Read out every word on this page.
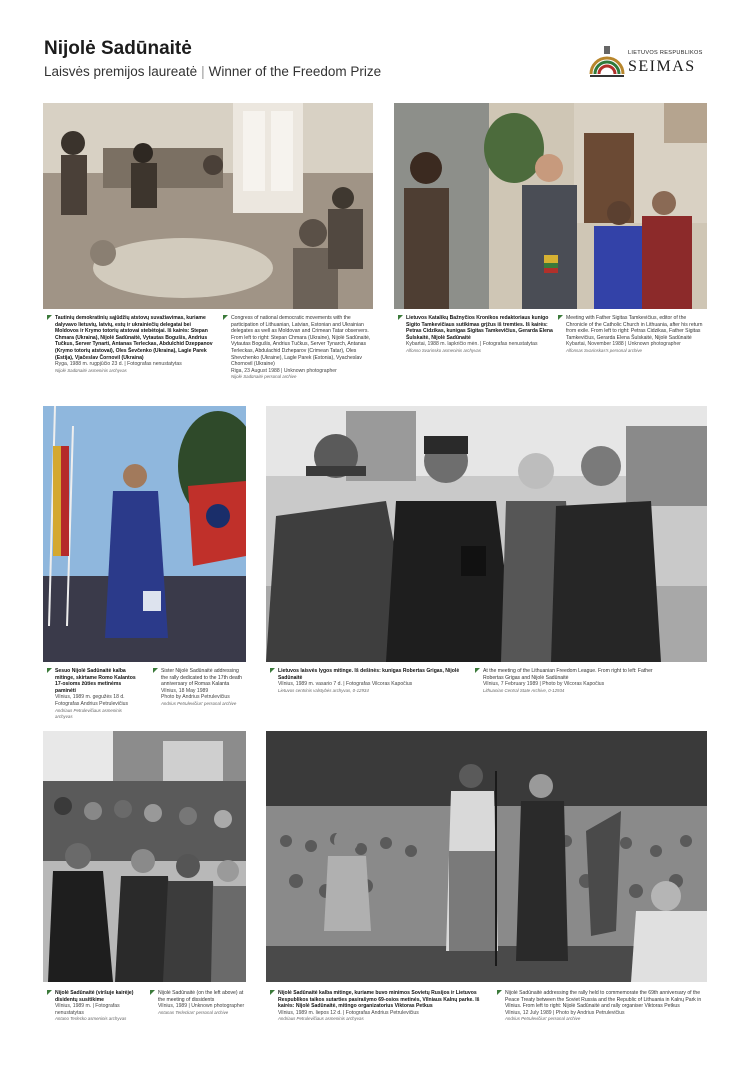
Nijolė Sadūnaitė
Laisvės premijos laureatė | Winner of the Freedom Prize
LIETUVOS RESPUBLIKOS
SEIMAS
Tautinių demokratinių sąjūdžių atstovų suvažiavimas, kuriame dalyvavo lietuvių, latvių, estų ir ukrainiečių delegatai bei Moldovos ir Krymo totorių atstovai stebėtojai. Iš kairės: Stepan Chmara (Ukraina), Nijolė Sadūnaitė, Vytautas Bogušis, Andrius Tučkus, Server Tynarti, Antanas Terleckas, Abdulchid Dzeppanov (Krymo totorių atstovai), Oles Ševčenko (Ukraina), Lagle Parek (Estija), Vjačeslav Čornovil (Ukraina)
Ryga, 1988 m. rugpjūčio 23 d. | Fotografas nenustatytas
Nijolė Sadūnaitė asmeninis archyvas
Congress of national democratic movements with the participation of Lithuanian, Latvian, Estonian and Ukrainian delegates as well as Moldovan and Crimean Tatar observers. From left to right: Stepan Chmara (Ukraine), Nijolė Sadūnaitė, Vytautas Bogušis, Andrius Tučkus, Server Tynarch, Antanas Terleckas, Abdulachid Dzheparov (Crimean Tatar), Oles Shevchenko (Ukraine), Lagle Parek (Estonia), Vyacheslav Chornovil (Ukraine)
Riga, 23 August 1988 | Unknown photographer
Nijolė Sadūnaitė personal archive
Lietuvos Katalikų Bažnyčios Kronikos redaktoriaus kunigo Sigito Tamkevičiaus sutikimas grįžus iš tremties. Iš kairės: Petras Cidzikas, kunigas Sigitas Tamkevičius, Gerarda Elena Šulskaitė, Nijolė Sadūnaitė
Kybartai, 1988 m. lapkričio mėn. | Fotografas nenustatytas
Alfonso Svarinsko asmeninis archyvas
Meeting with Father Sigitas Tamkevičius, editor of the Chronicle of the Catholic Church in Lithuania, after his return from exile. From left to right: Petras Cidzikas, Father Sigitas Tamkevičius, Gerarda Elena Šulskaitė, Nijolė Sadūnaitė
Kybartai, November 1988 | Unknown photographer
Alfonsas Svarinskas's personal archive
Sesuo Nijolė Sadūnaitė kalba mitinge, skirtame Romo Kalantos 17-osioms žūties metinėms paminėti
Vilnius, 1989 m. gegužės 18 d.
Fotografas Andrius Petrulevičius
Andriaus Petrulevičiaus asmeninis archyvas
Sister Nijolė Sadūnaitė addressing the rally dedicated to the 17th death anniversary of Romas Kalanta
Vilnius, 18 May 1989
Photo by Andrius Petrulevičius
Andrius Petrulevičius' personal archive
Lietuvos laisvės lygos mitinge. Iš dešinės: kunigas Robertas Grigas, Nijolė Sadūnaitė
Vilnius, 1989 m. vasario 7 d. | Fotografas Vilcoras Kapočius
Lietuvos centrinis valstybės archyvas, 0-12934
At the meeting of the Lithuanian Freedom League. From right to left: Father Robertas Grigas and Nijolė Sadūnaitė
Vilnius, 7 February 1989 | Photo by Vilcoras Kapočius
Lithuanian Central State Archive, 0-12934
Nijolė Sadūnaitė (viršuje kairėje) disidentų susitikime
Vilnius, 1989 m. | Fotografas nenustatytas
Antano Terlecko asmeninis archyvas
Nijolė Sadūnaitė (on the left above) at the meeting of dissidents
Vilnius, 1989 | Unknown photographer
Antanas Terleckas' personal archive
Nijolė Sadūnaitė kalba mitinge, kuriame buvo minimos Sovietų Rusijos ir Lietuvos Respublikos taikos sutarties pasirašymo 69-osios metinės, Vilniaus Kalnų parke. Iš kairės: Nijolė Sadūnaitė, mitingo organizatorius Viktoras Petkus
Vilnius, 1989 m. liepos 12 d. | Fotografas Andrius Petrulevičius
Andriaus Petrulevičiaus asmeninis archyvas
Nijolė Sadūnaitė addressing the rally held to commemorate the 69th anniversary of the Peace Treaty between the Soviet Russia and the Republic of Lithuania in Kalnų Park in Vilnius. From left to right: Nijolė Sadūnaitė and rally organiser Viktoras Petkus
Vilnius, 12 July 1989 | Photo by Andrius Petrulevičius
Andrius Petrulevičius' personal archive
